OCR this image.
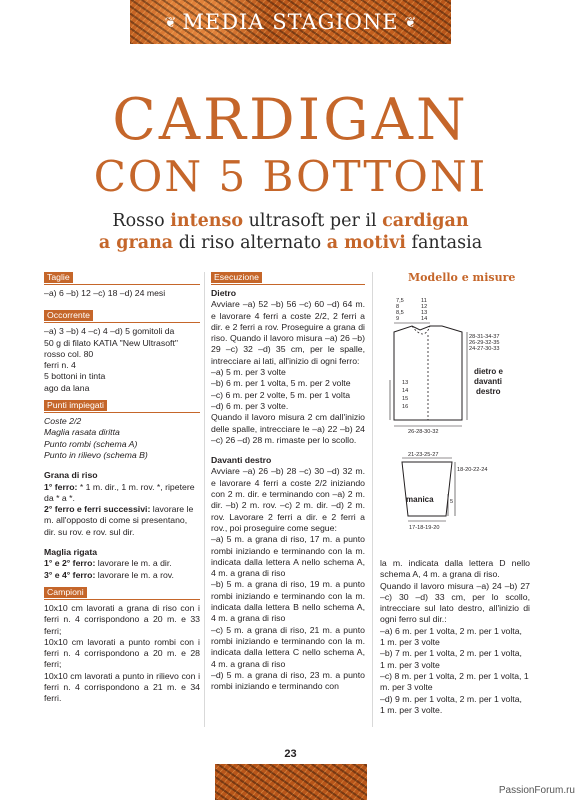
❦ MEDIA STAGIONE ❦
CARDIGAN
CON 5 BOTTONI
Rosso intenso ultrasoft per il cardigan
a grana di riso alternato a motivi fantasia
Taglie
–a) 6 –b) 12 –c) 18 –d) 24 mesi
Occorrente
–a) 3 –b) 4 –c) 4 –d) 5 gomitoli da
50 g di filato KATIA "New Ultrasoft"
rosso col. 80
ferri n. 4
5 bottoni in tinta
ago da lana
Punti impiegati
Coste 2/2
Maglia rasata diritta
Punto rombi (schema A)
Punto in rilievo (schema B)
Grana di riso
1° ferro: * 1 m. dir., 1 m. rov. *, ripetere da * a *.
2° ferro e ferri successivi: lavorare le m. all'opposto di come si presentano, dir. su rov. e rov. sul dir.
Maglia rigata
1° e 2° ferro: lavorare le m. a dir.
3° e 4° ferro: lavorare le m. a rov.
Campioni
10x10 cm lavorati a grana di riso con i ferri n. 4 corrispondono a 20 m. e 33 ferri;
10x10 cm lavorati a punto rombi con i ferri n. 4 corrispondono a 20 m. e 28 ferri;
10x10 cm lavorati a punto in rilievo con i ferri n. 4 corrispondono a 21 m. e 34 ferri.
Esecuzione
Dietro
Avviare –a) 52 –b) 56 –c) 60 –d) 64 m. e lavorare 4 ferri a coste 2/2, 2 ferri a dir. e 2 ferri a rov. Proseguire a grana di riso. Quando il lavoro misura –a) 26 –b) 29 –c) 32 –d) 35 cm, per le spalle, intrecciare ai lati, all'inizio di ogni ferro:
–a) 5 m. per 3 volte
–b) 6 m. per 1 volta, 5 m. per 2 volte
–c) 6 m. per 2 volte, 5 m. per 1 volta
–d) 6 m. per 3 volte.
Quando il lavoro misura 2 cm dall'inizio delle spalle, intrecciare le –a) 22 –b) 24 –c) 26 –d) 28 m. rimaste per lo scollo.
Davanti destro
Avviare –a) 26 –b) 28 –c) 30 –d) 32 m. e lavorare 4 ferri a coste 2/2 iniziando con 2 m. dir. e terminando con –a) 2 m. dir. –b) 2 m. rov. –c) 2 m. dir. –d) 2 m. rov. Lavorare 2 ferri a dir. e 2 ferri a rov., poi proseguire come segue:
–a) 5 m. a grana di riso, 17 m. a punto rombi iniziando e terminando con la m. indicata dalla lettera A nello schema A, 4 m. a grana di riso
–b) 5 m. a grana di riso, 19 m. a punto rombi iniziando e terminando con la m. indicata dalla lettera B nello schema A, 4 m. a grana di riso
–c) 5 m. a grana di riso, 21 m. a punto rombi iniziando e terminando con la m. indicata dalla lettera C nello schema A, 4 m. a grana di riso
–d) 5 m. a grana di riso, 23 m. a punto rombi iniziando e terminando con
Modello e misure
7,5
8
8,5
9
11
12
13
14
28-31-34-37
26-29-32-35
24-27-30-33
13
14
15
16
26-28-30-32
21-23-25-27
18-20-22-24
5
17-18-19-20
dietro e
davanti
destro
manica
la m. indicata dalla lettera D nello schema A, 4 m. a grana di riso.
Quando il lavoro misura –a) 24 –b) 27 –c) 30 –d) 33 cm, per lo scollo, intrecciare sul lato destro, all'inizio di ogni ferro sul dir.:
–a) 6 m. per 1 volta, 2 m. per 1 volta,
1 m. per 3 volte
–b) 7 m. per 1 volta, 2 m. per 1 volta,
1 m. per 3 volte
–c) 8 m. per 1 volta, 2 m. per 1 volta, 1
m. per 3 volte
–d) 9 m. per 1 volta, 2 m. per 1 volta,
1 m. per 3 volte.
23
PassionForum.ru
